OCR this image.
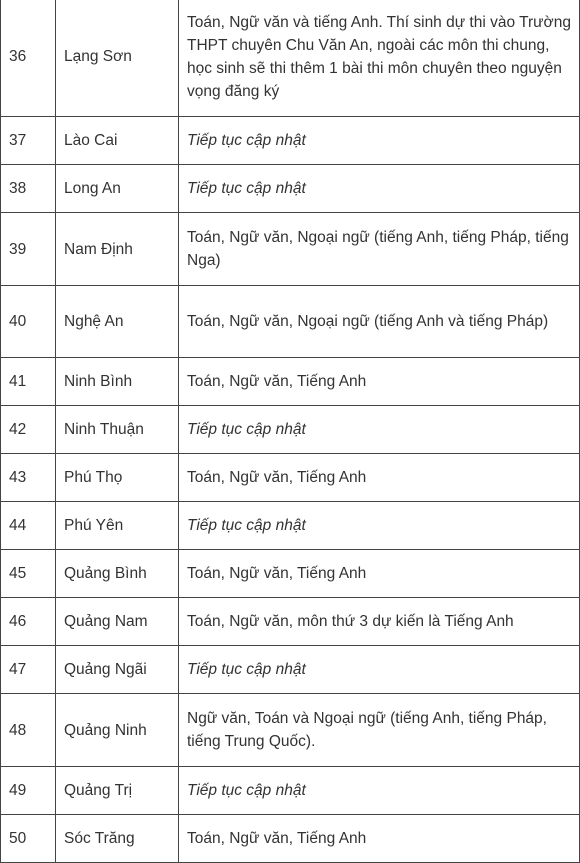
36	Lạng Sơn	Toán, Ngữ văn và tiếng Anh. Thí sinh dự thi vào Trường THPT chuyên Chu Văn An, ngoài các môn thi chung, học sinh sẽ thi thêm 1 bài thi môn chuyên theo nguyện vọng đăng ký
37	Lào Cai	Tiếp tục cập nhật
38	Long An	Tiếp tục cập nhật
39	Nam Định	Toán, Ngữ văn, Ngoại ngữ (tiếng Anh, tiếng Pháp, tiếng Nga)
40	Nghệ An	Toán, Ngữ văn, Ngoại ngữ (tiếng Anh và tiếng Pháp)
41	Ninh Bình	Toán, Ngữ văn, Tiếng Anh
42	Ninh Thuận	Tiếp tục cập nhật
43	Phú Thọ	Toán, Ngữ văn, Tiếng Anh
44	Phú Yên	Tiếp tục cập nhật
45	Quảng Bình	Toán, Ngữ văn, Tiếng Anh
46	Quảng Nam	Toán, Ngữ văn, môn thứ 3 dự kiến là Tiếng Anh
47	Quảng Ngãi	Tiếp tục cập nhật
48	Quảng Ninh	Ngữ văn, Toán và Ngoại ngữ (tiếng Anh, tiếng Pháp, tiếng Trung Quốc).
49	Quảng Trị	Tiếp tục cập nhật
50	Sóc Trăng	Toán, Ngữ văn, Tiếng Anh
